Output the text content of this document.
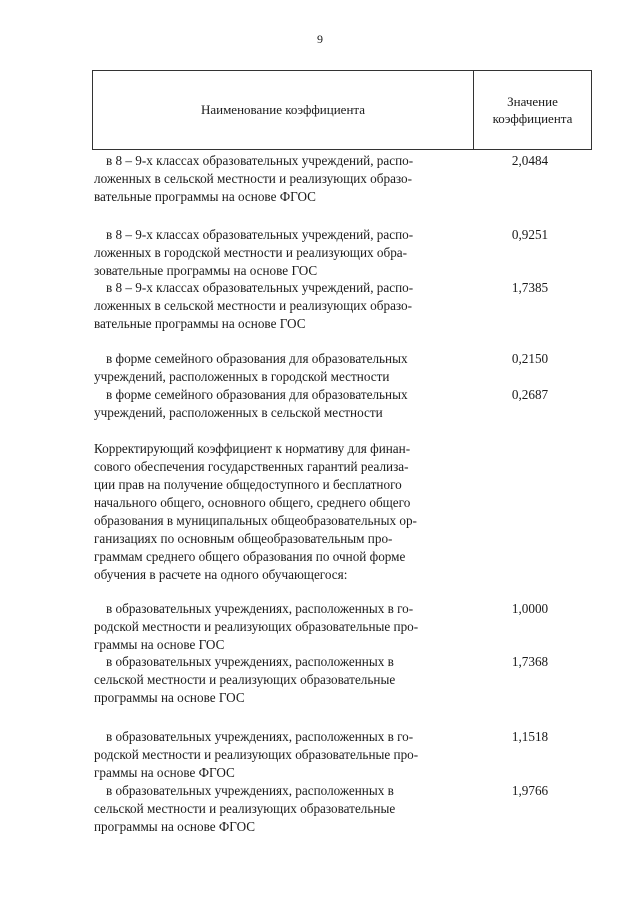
9
Наименование коэффициента
Значение
коэффициента
в 8 – 9-х классах образовательных учреждений, распо-
ложенных в сельской местности и реализующих образо-
вательные программы на основе ФГОС
2,0484
в 8 – 9-х классах образовательных учреждений, распо-
ложенных в городской местности и реализующих обра-
зовательные программы на основе ГОС
0,9251
в 8 – 9-х классах образовательных учреждений, распо-
ложенных в сельской местности и реализующих образо-
вательные программы на основе ГОС
1,7385
в форме семейного образования для образовательных
учреждений, расположенных в городской местности
0,2150
в форме семейного образования для образовательных
учреждений, расположенных в сельской местности
0,2687
Корректирующий коэффициент к нормативу для финан-
сового обеспечения государственных гарантий реализа-
ции прав на получение общедоступного и бесплатного
начального общего, основного общего, среднего общего
образования в муниципальных общеобразовательных ор-
ганизациях по основным общеобразовательным про-
граммам среднего общего образования по очной форме
обучения в расчете на одного обучающегося:
в образовательных учреждениях, расположенных в го-
родской местности и реализующих образовательные про-
граммы на основе ГОС
1,0000
в образовательных учреждениях, расположенных в
сельской местности и реализующих образовательные
программы на основе ГОС
1,7368
в образовательных учреждениях, расположенных в го-
родской местности и реализующих образовательные про-
граммы на основе ФГОС
1,1518
в образовательных учреждениях, расположенных в
сельской местности и реализующих образовательные
программы на основе ФГОС
1,9766
